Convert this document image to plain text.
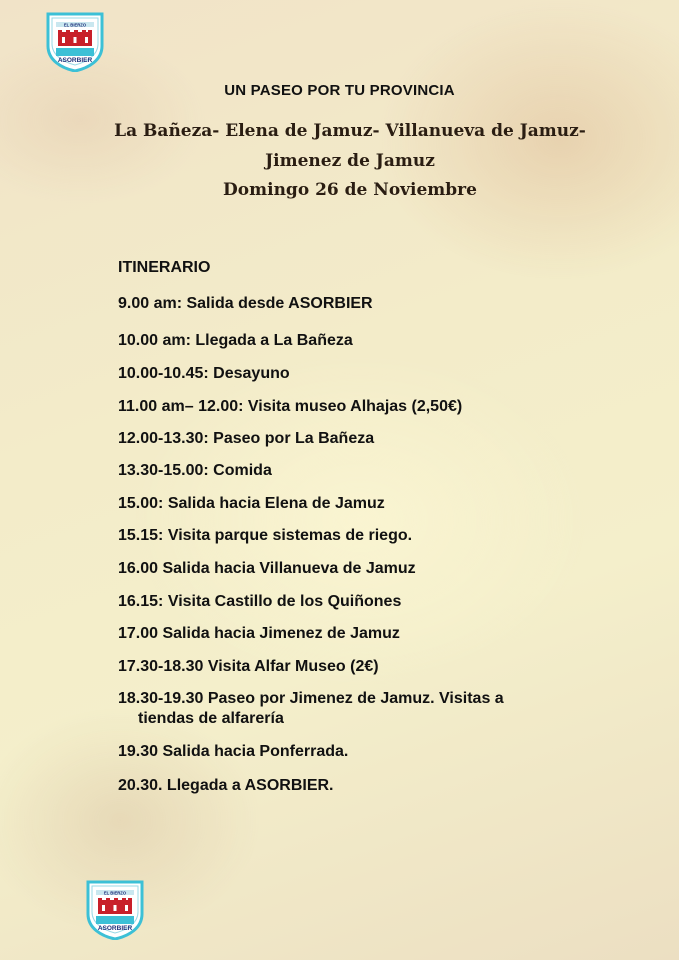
EL BIERZO
ASORBIER
UN PASEO POR TU PROVINCIA
La Bañeza- Elena de Jamuz- Villanueva de Jamuz-
Jimenez de Jamuz
Domingo 26 de Noviembre
ITINERARIO
9.00 am: Salida desde ASORBIER
10.00 am: Llegada a La Bañeza
10.00-10.45: Desayuno
11.00 am– 12.00: Visita museo Alhajas (2,50€)
12.00-13.30: Paseo por La Bañeza
13.30-15.00: Comida
15.00: Salida hacia Elena de Jamuz
15.15: Visita parque sistemas de riego.
16.00 Salida hacia Villanueva de Jamuz
16.15: Visita Castillo de los Quiñones
17.00 Salida hacia Jimenez de Jamuz
17.30-18.30 Visita Alfar Museo (2€)
18.30-19.30 Paseo por Jimenez de Jamuz. Visitas a
tiendas de alfarería
19.30 Salida hacia Ponferrada.
20.30. Llegada a ASORBIER.
EL BIERZO
ASORBIER
